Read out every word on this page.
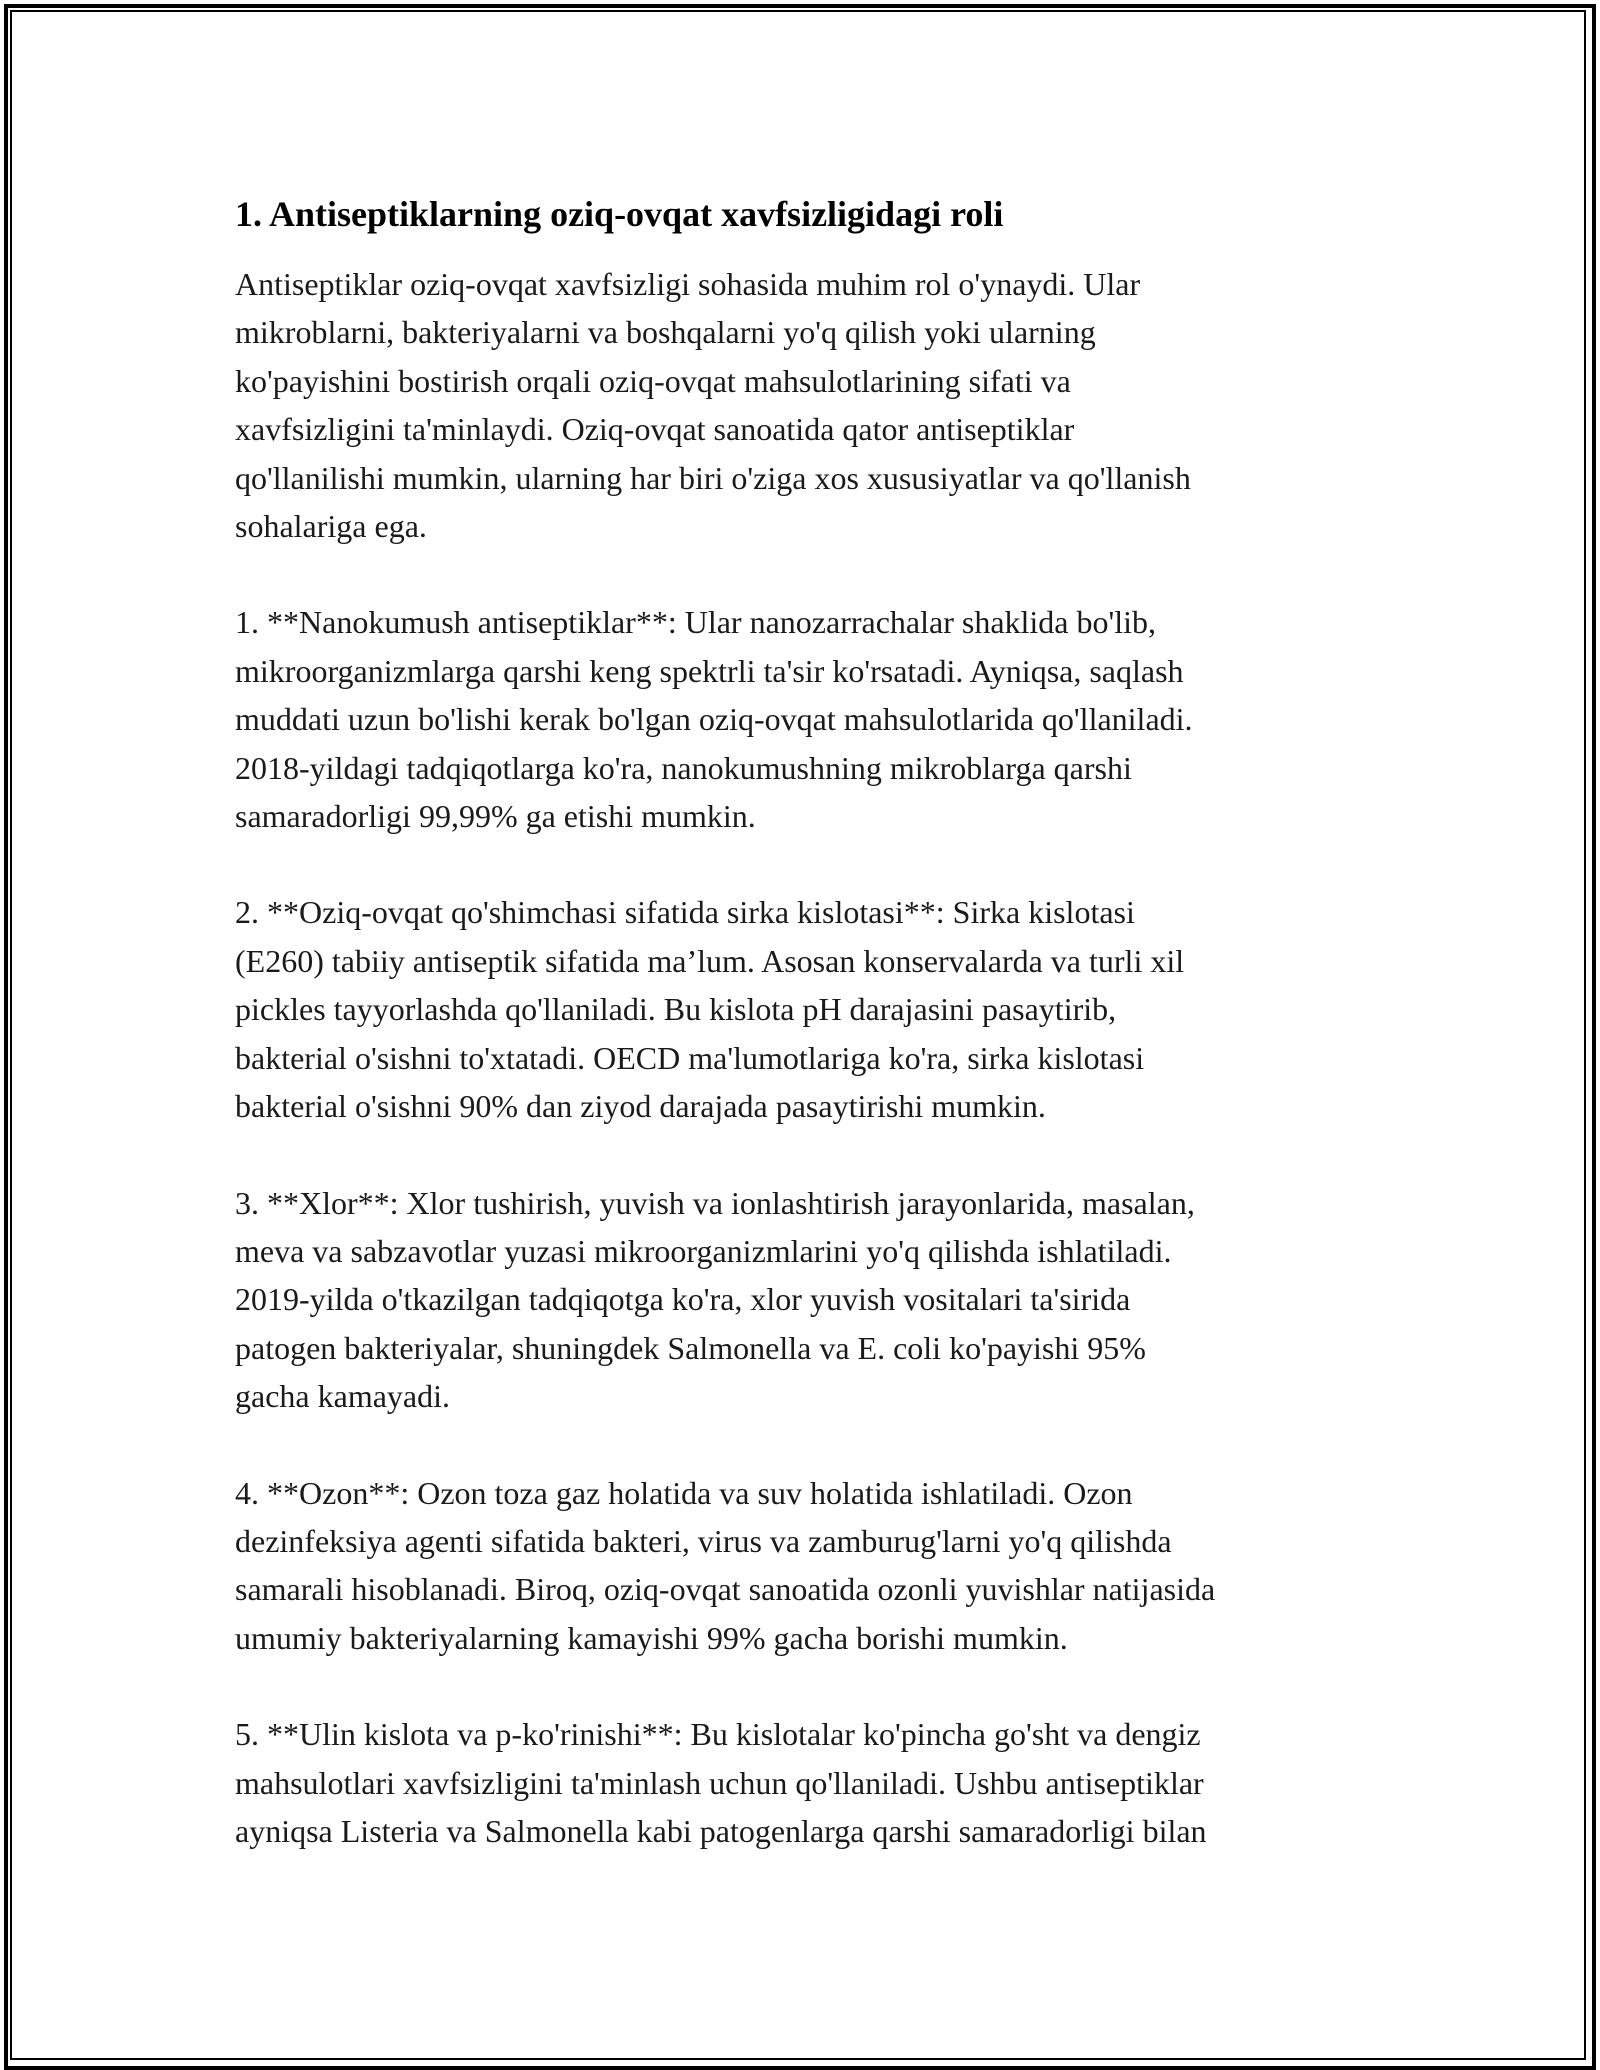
1. Antiseptiklarning oziq-ovqat xavfsizligidagi roli

Antiseptiklar oziq-ovqat xavfsizligi sohasida muhim rol o'ynaydi. Ular
mikroblarni, bakteriyalarni va boshqalarni yo'q qilish yoki ularning
ko'payishini bostirish orqali oziq-ovqat mahsulotlarining sifati va
xavfsizligini ta'minlaydi. Oziq-ovqat sanoatida qator antiseptiklar
qo'llanilishi mumkin, ularning har biri o'ziga xos xususiyatlar va qo'llanish
sohalariga ega.

1. **Nanokumush antiseptiklar**: Ular nanozarrachalar shaklida bo'lib,
mikroorganizmlarga qarshi keng spektrli ta'sir ko'rsatadi. Ayniqsa, saqlash
muddati uzun bo'lishi kerak bo'lgan oziq-ovqat mahsulotlarida qo'llaniladi.
2018-yildagi tadqiqotlarga ko'ra, nanokumushning mikroblarga qarshi
samaradorligi 99,99% ga etishi mumkin.

2. **Oziq-ovqat qo'shimchasi sifatida sirka kislotasi**: Sirka kislotasi
(E260) tabiiy antiseptik sifatida ma’lum. Asosan konservalarda va turli xil
pickles tayyorlashda qo'llaniladi. Bu kislota pH darajasini pasaytirib,
bakterial o'sishni to'xtatadi. OECD ma'lumotlariga ko'ra, sirka kislotasi
bakterial o'sishni 90% dan ziyod darajada pasaytirishi mumkin.

3. **Xlor**: Xlor tushirish, yuvish va ionlashtirish jarayonlarida, masalan,
meva va sabzavotlar yuzasi mikroorganizmlarini yo'q qilishda ishlatiladi.
2019-yilda o'tkazilgan tadqiqotga ko'ra, xlor yuvish vositalari ta'sirida
patogen bakteriyalar, shuningdek Salmonella va E. coli ko'payishi 95%
gacha kamayadi.

4. **Ozon**: Ozon toza gaz holatida va suv holatida ishlatiladi. Ozon
dezinfeksiya agenti sifatida bakteri, virus va zamburug'larni yo'q qilishda
samarali hisoblanadi. Biroq, oziq-ovqat sanoatida ozonli yuvishlar natijasida
umumiy bakteriyalarning kamayishi 99% gacha borishi mumkin.

5. **Ulin kislota va p-ko'rinishi**: Bu kislotalar ko'pincha go'sht va dengiz
mahsulotlari xavfsizligini ta'minlash uchun qo'llaniladi. Ushbu antiseptiklar
ayniqsa Listeria va Salmonella kabi patogenlarga qarshi samaradorligi bilan
